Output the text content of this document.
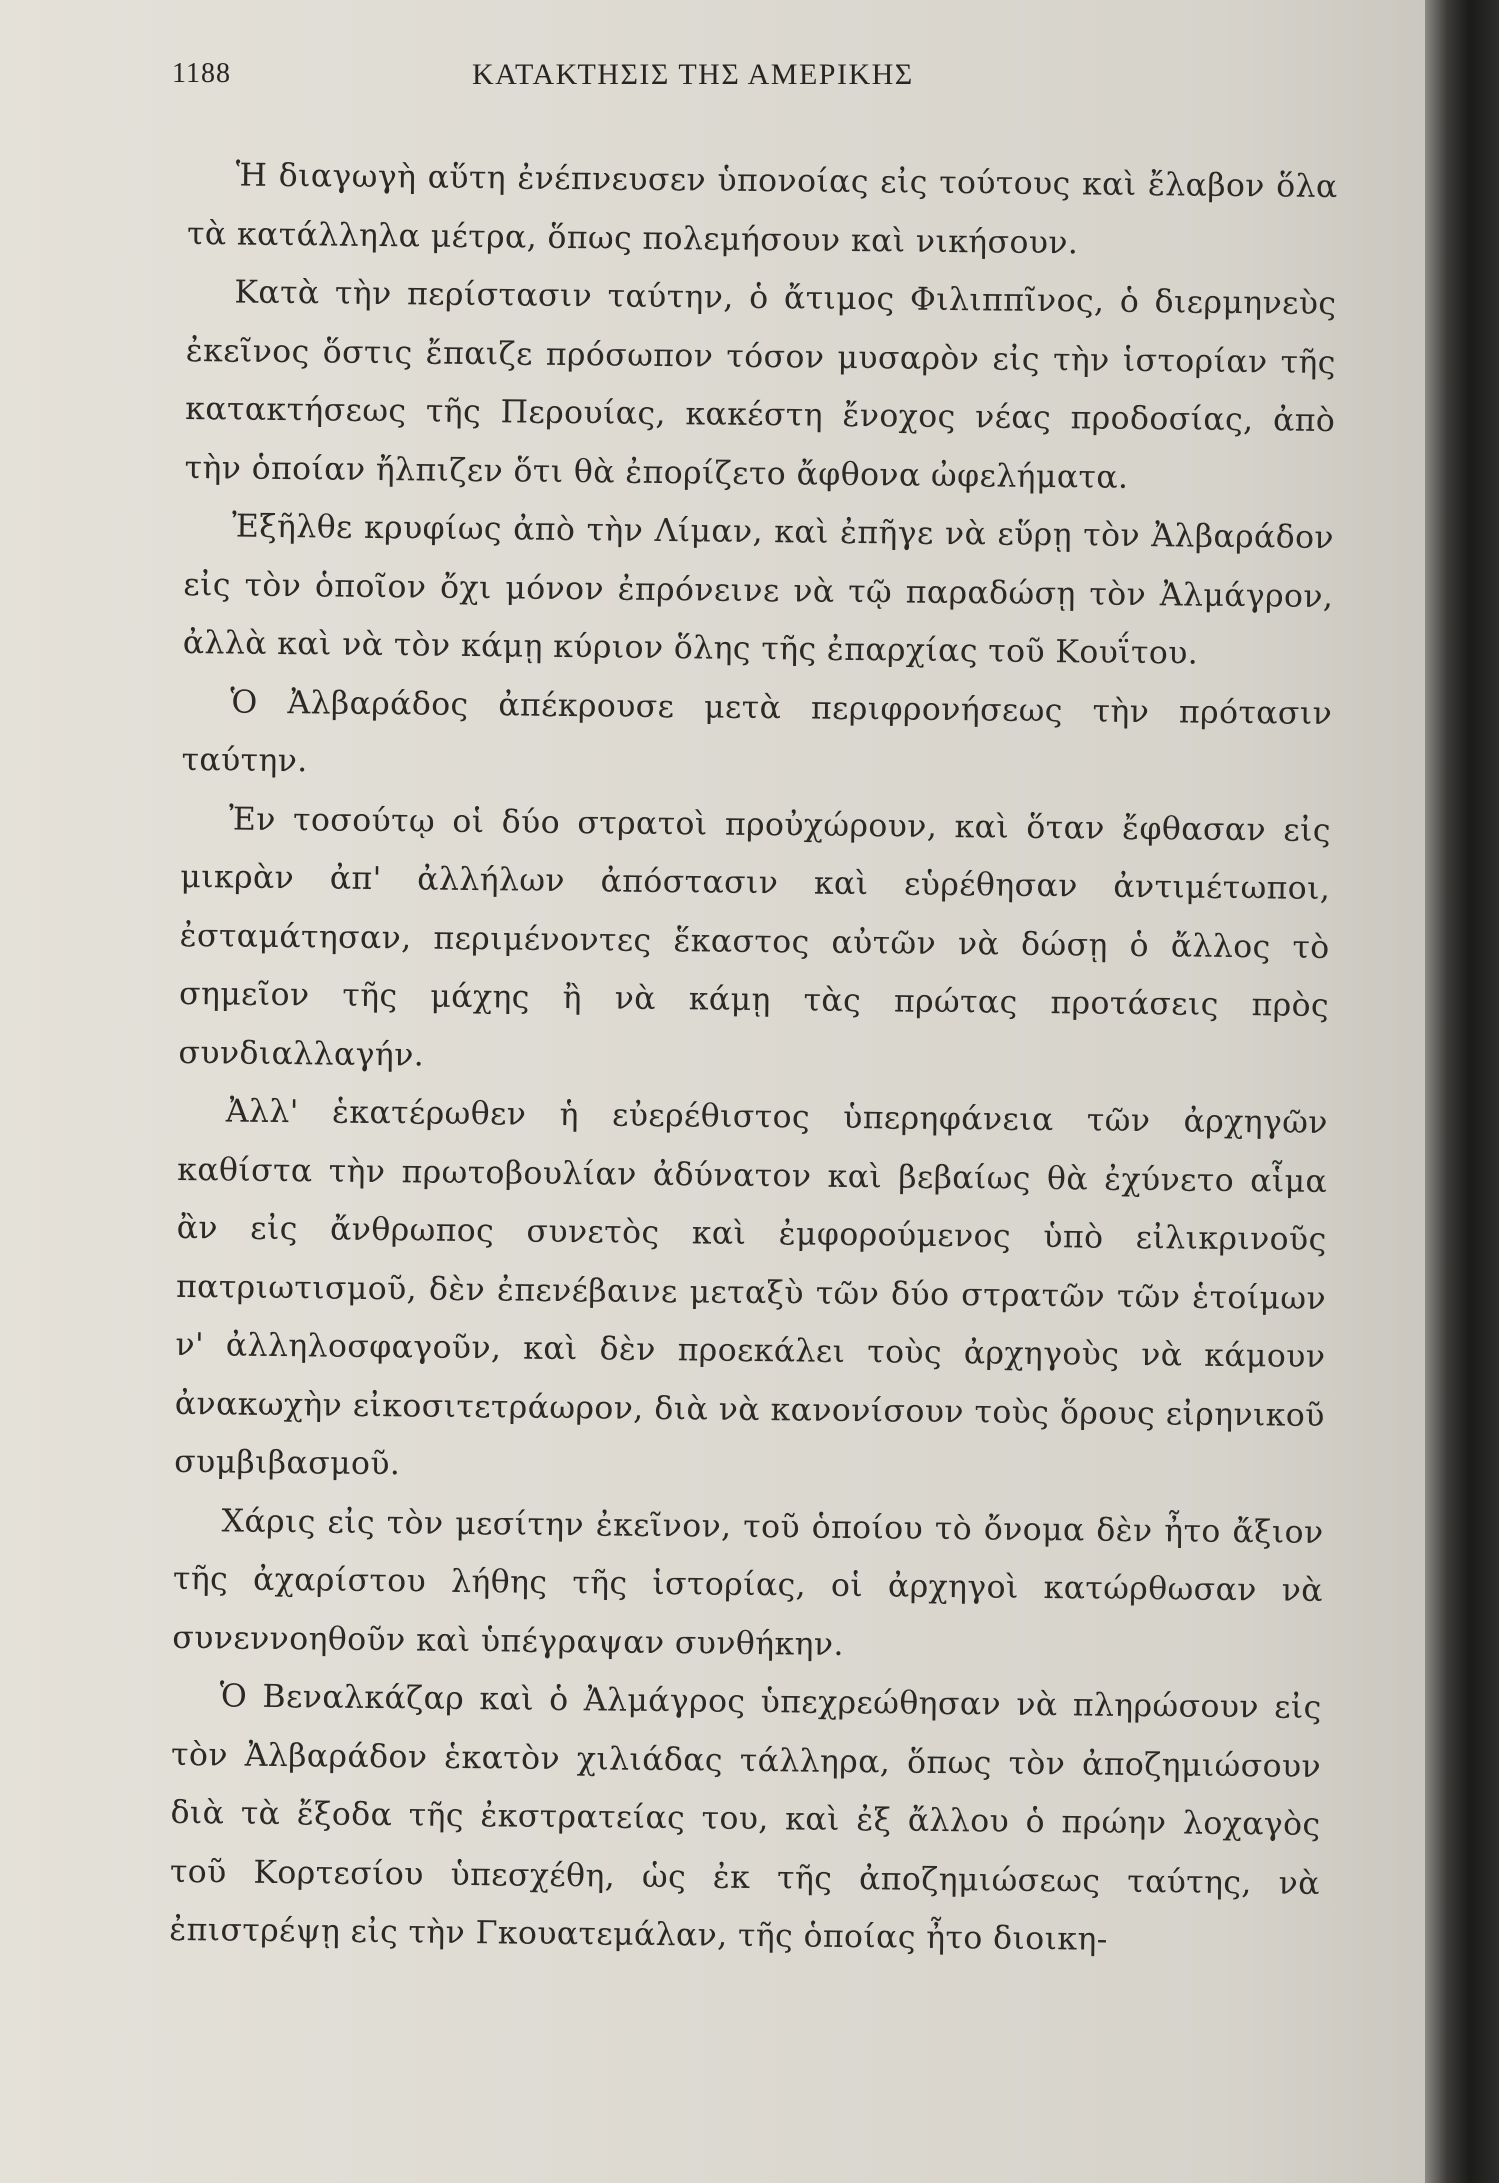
1188	ΚΑΤΑΚΤΗΣΙΣ ΤΗΣ ΑΜΕΡΙΚΗΣ

Ἡ διαγωγὴ αὕτη ἐνέπνευσεν ὑπονοίας εἰς τούτους καὶ ἔλαβον ὅλα τὰ κατάλληλα μέτρα, ὅπως πολεμήσουν καὶ νικήσουν.

Κατὰ τὴν περίστασιν ταύτην, ὁ ἄτιμος Φιλιππῖνος, ὁ διερμηνεὺς ἐκεῖνος ὅστις ἔπαιζε πρόσωπον τόσον μυσαρὸν εἰς τὴν ἱστορίαν τῆς κατακτήσεως τῆς Περουίας, κακέστη ἔνοχος νέας προδοσίας, ἀπὸ τὴν ὁποίαν ἤλπιζεν ὅτι θὰ ἐπορίζετο ἄφθονα ὠφελήματα.

Ἐξῆλθε κρυφίως ἀπὸ τὴν Λίμαν, καὶ ἐπῆγε νὰ εὕρῃ τὸν Ἀλβαράδον εἰς τὸν ὁποῖον ὄχι μόνον ἐπρόνεινε νὰ τῷ παραδώσῃ τὸν Ἀλμάγρον, ἀλλὰ καὶ νὰ τὸν κάμῃ κύριον ὅλης τῆς ἐπαρχίας τοῦ Κουΐτου.

Ὁ Ἀλβαράδος ἀπέκρουσε μετὰ περιφρονήσεως τὴν πρότασιν ταύτην.

Ἐν τοσούτῳ οἱ δύο στρατοὶ προὐχώρουν, καὶ ὅταν ἔφθασαν εἰς μικρὰν ἀπ' ἀλλήλων ἀπόστασιν καὶ εὑρέθησαν ἀντιμέτωποι, ἐσταμάτησαν, περιμένοντες ἕκαστος αὐτῶν νὰ δώσῃ ὁ ἄλλος τὸ σημεῖον τῆς μάχης ἢ νὰ κάμῃ τὰς πρώτας προτάσεις πρὸς συνδιαλλαγήν.

Ἀλλ' ἑκατέρωθεν ἡ εὐερέθιστος ὑπερηφάνεια τῶν ἀρχηγῶν καθίστα τὴν πρωτοβουλίαν ἀδύνατον καὶ βεβαίως θὰ ἐχύνετο αἷμα ἂν εἰς ἄνθρωπος συνετὸς καὶ ἐμφορούμενος ὑπὸ εἰλικρινοῦς πατριωτισμοῦ, δὲν ἐπενέβαινε μεταξὺ τῶν δύο στρατῶν τῶν ἑτοίμων ν' ἀλληλοσφαγοῦν, καὶ δὲν προεκάλει τοὺς ἀρχηγοὺς νὰ κάμουν ἀνακωχὴν εἰκοσιτετράωρον, διὰ νὰ κανονίσουν τοὺς ὅρους εἰρηνικοῦ συμβιβασμοῦ.

Χάρις εἰς τὸν μεσίτην ἐκεῖνον, τοῦ ὁποίου τὸ ὄνομα δὲν ἦτο ἄξιον τῆς ἀχαρίστου λήθης τῆς ἱστορίας, οἱ ἀρχηγοὶ κατώρθωσαν νὰ συνεννοηθοῦν καὶ ὑπέγραψαν συνθήκην.

Ὁ Βεναλκάζαρ καὶ ὁ Ἀλμάγρος ὑπεχρεώθησαν νὰ πληρώσουν εἰς τὸν Ἀλβαράδον ἑκατὸν χιλιάδας τάλληρα, ὅπως τὸν ἀποζημιώσουν διὰ τὰ ἔξοδα τῆς ἐκστρατείας του, καὶ ἐξ ἄλλου ὁ πρώην λοχαγὸς τοῦ Κορτεσίου ὑπεσχέθη, ὡς ἐκ τῆς ἀποζημιώσεως ταύτης, νὰ ἐπιστρέψῃ εἰς τὴν Γκουατεμάλαν, τῆς ὁποίας ἦτο διοικη-
